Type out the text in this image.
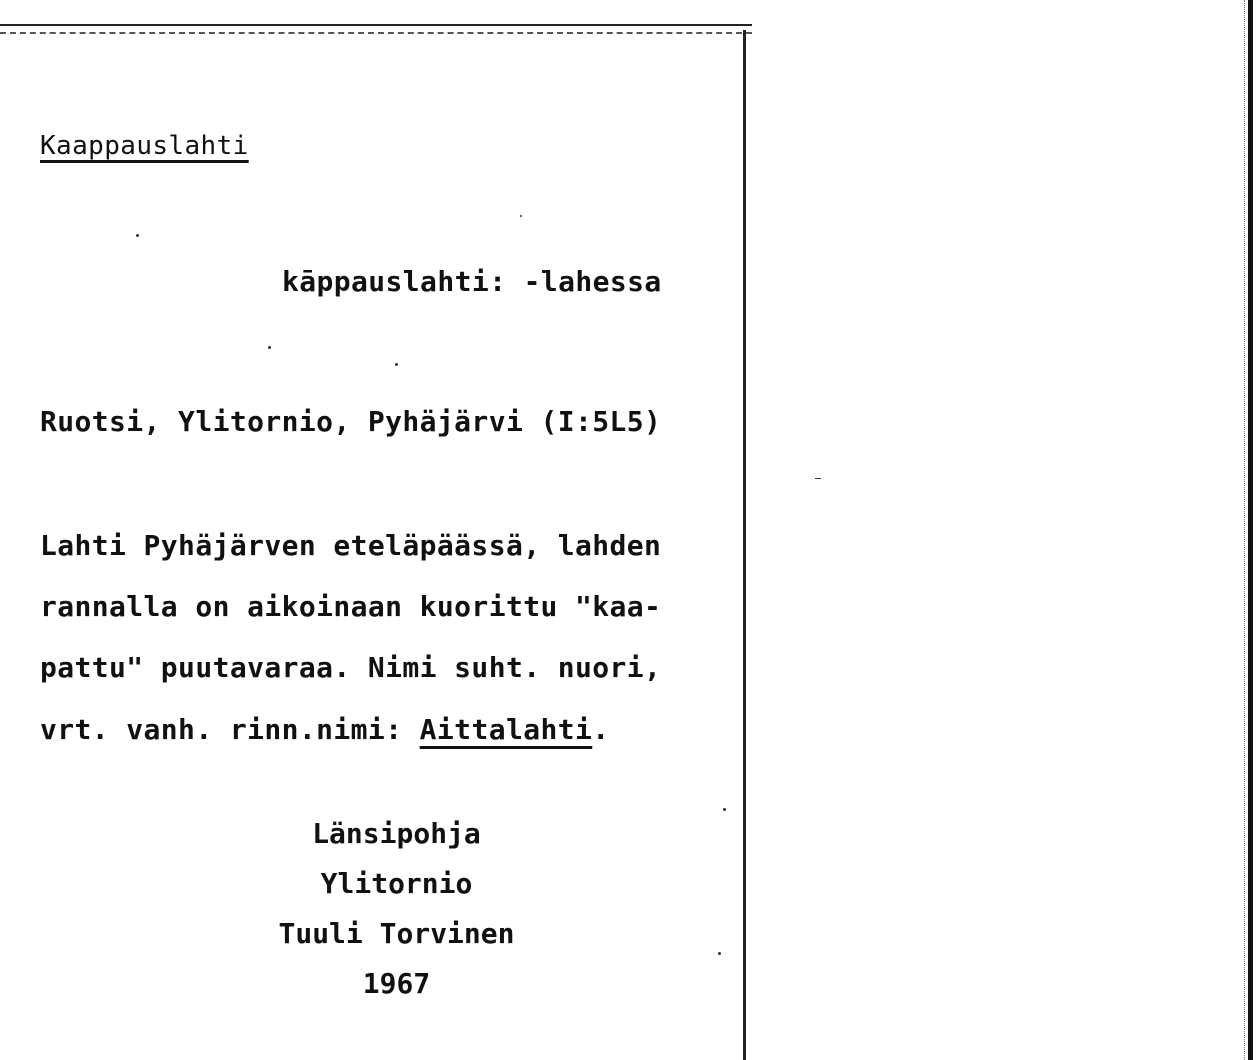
Kaappauslahti
kāppauslahti: -lahessa
Ruotsi, Ylitornio, Pyhäjärvi (I:5L5)
Lahti Pyhäjärven eteläpäässä, lahden
rannalla on aikoinaan kuorittu "kaa-
pattu" puutavaraa. Nimi suht. nuori,
vrt. vanh. rinn.nimi: Aittalahti.
Länsipohja
Ylitornio
Tuuli Torvinen
1967
